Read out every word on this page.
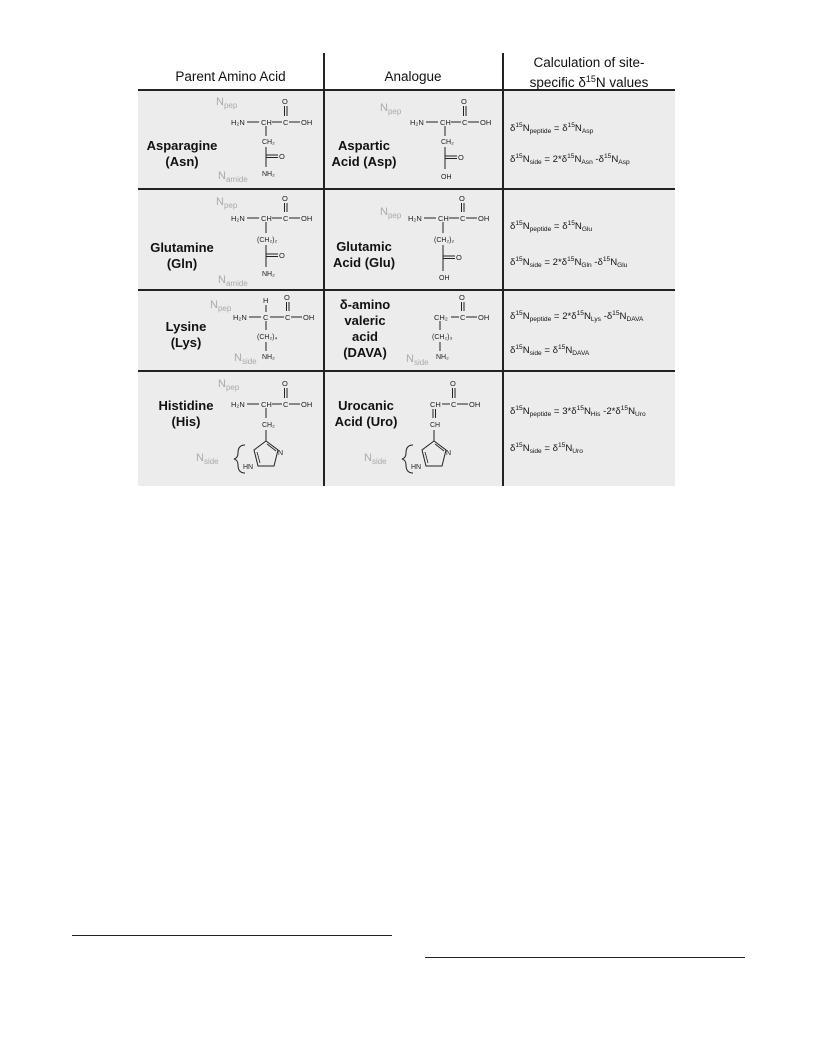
Parent Amino Acid	Analogue
Calculation of site-
specific $\delta^{15}N$ values
Asparagine
(Asn)
$N_{pep}$
H₂N CH C OH
O
CH₂
O
NH₂
$N_{amide}$
Aspartic
Acid (Asp)
$N_{pep}$
H₂N CH C OH
O
CH₂
O
OH
$\delta^{15}N_{peptide} = \delta^{15}N_{Asp}$
$\delta^{15}N_{side} = 2*\delta^{15}N_{Asn}$ $-\delta^{15}N_{Asp}$
Glutamine
(Gln)
$N_{pep}$
H₂N CH C OH
O
(CH₂)₂
O
NH₂
$N_{amide}$
Glutamic
Acid (Glu)
$N_{pep}$ H₂N CH C OH
O
(CH₂)₂
O
OH
$\delta^{15}N_{peptide} = \delta^{15}N_{Glu}$
$\delta^{15}N_{side} = 2*\delta^{15}N_{Gln}$ $-\delta^{15}N_{Glu}$
Lysine
(Lys)
$N_{pep}$
H₂N C
H
C OH
O
(CH₂)₄
NH₂
$N_{side}$
δ-amino
valeric
acid
(DAVA)
CH₂ C OH
O
(CH₂)₃
NH₂
$N_{side}$
$\delta^{15}N_{peptide} = 2*\delta^{15}N_{Lys}$ $-\delta^{15}N_{DAVA}$
$\delta^{15}N_{side} = \delta^{15}N_{DAVA}$
Histidine
(His)
$N_{pep}$
H₂N CH C OH
O
CH₂
N
HN
$N_{side}$
Urocanic
Acid (Uro)
CH C OH
O
CH
N
HN
$N_{side}$
$\delta^{15}N_{peptide} = 3*\delta^{15}N_{His}$ $-2*\delta^{15}N_{Uro}$
$\delta^{15}N_{side} = \delta^{15}N_{Uro}$
